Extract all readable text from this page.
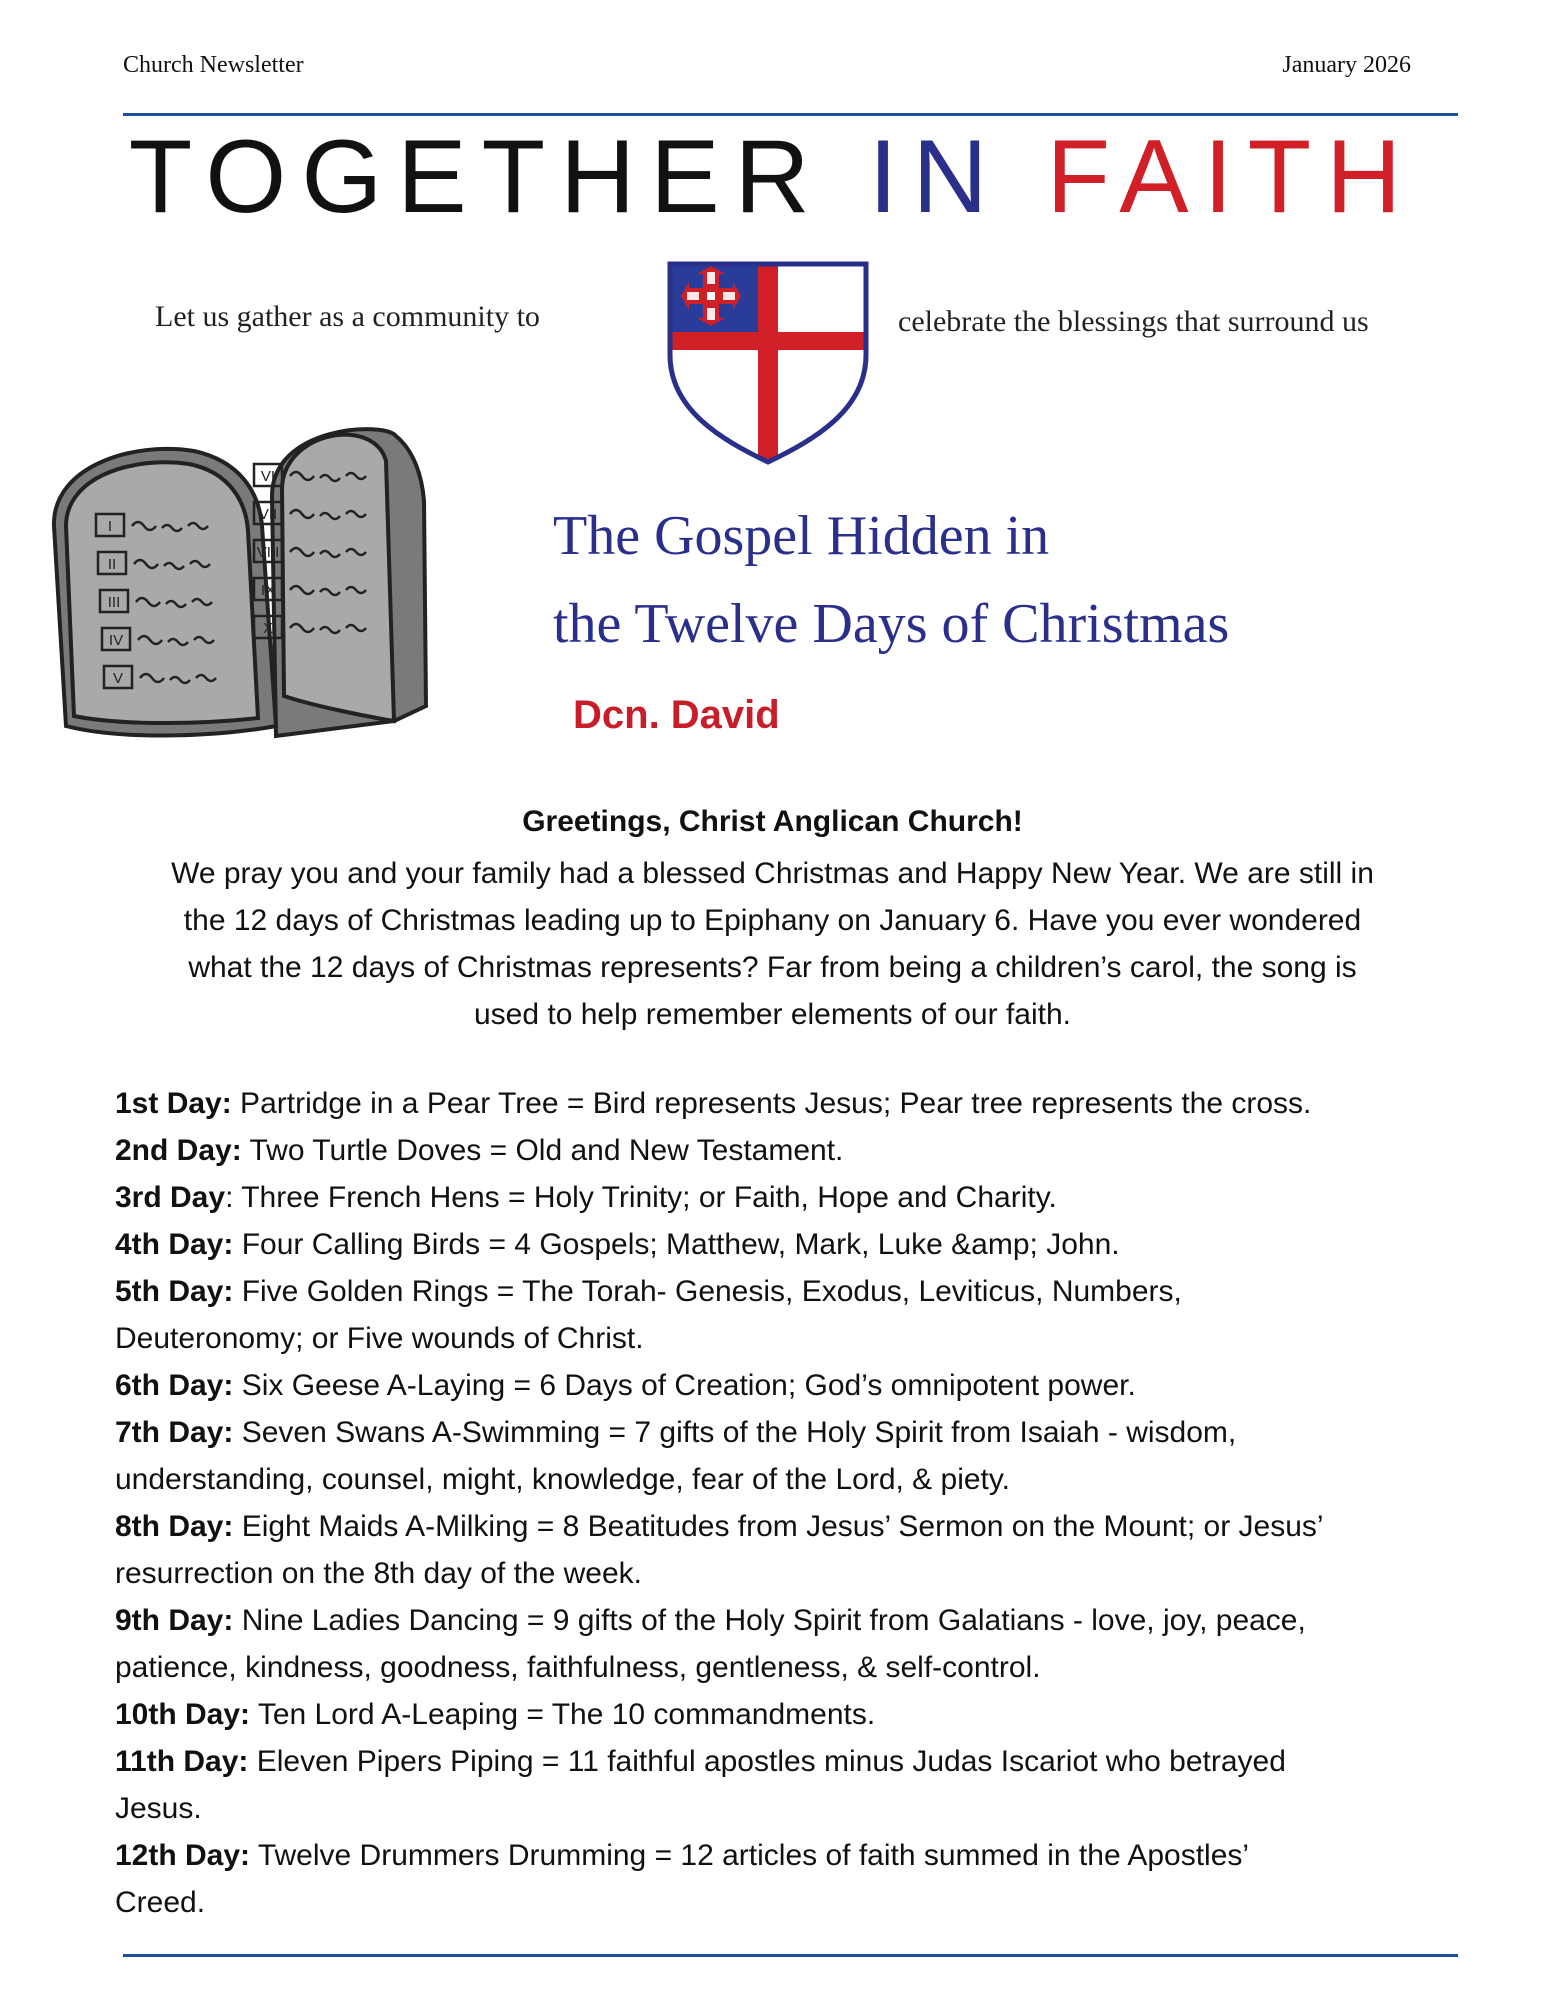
Church Newsletter	January 2026
TOGETHER IN FAITH
Let us gather as a community to	celebrate the blessings that surround us
I
II
III
IV
V
VI
VII
VIII
IX
X
The Gospel Hidden in
the Twelve Days of Christmas
Dcn. David
Greetings, Christ Anglican Church!
We pray you and your family had a blessed Christmas and Happy New Year. We are still in
the 12 days of Christmas leading up to Epiphany on January 6. Have you ever wondered
what the 12 days of Christmas represents? Far from being a children’s carol, the song is
used to help remember elements of our faith.
1st Day: Partridge in a Pear Tree = Bird represents Jesus; Pear tree represents the cross.
2nd Day: Two Turtle Doves = Old and New Testament.
3rd Day: Three French Hens = Holy Trinity; or Faith, Hope and Charity.
4th Day: Four Calling Birds = 4 Gospels; Matthew, Mark, Luke &amp; John.
5th Day: Five Golden Rings = The Torah- Genesis, Exodus, Leviticus, Numbers,
Deuteronomy; or Five wounds of Christ.
6th Day: Six Geese A-Laying = 6 Days of Creation; God’s omnipotent power.
7th Day: Seven Swans A-Swimming = 7 gifts of the Holy Spirit from Isaiah - wisdom,
understanding, counsel, might, knowledge, fear of the Lord, & piety.
8th Day: Eight Maids A-Milking = 8 Beatitudes from Jesus’ Sermon on the Mount; or Jesus’
resurrection on the 8th day of the week.
9th Day: Nine Ladies Dancing = 9 gifts of the Holy Spirit from Galatians - love, joy, peace,
patience, kindness, goodness, faithfulness, gentleness, & self-control.
10th Day: Ten Lord A-Leaping = The 10 commandments.
11th Day: Eleven Pipers Piping = 11 faithful apostles minus Judas Iscariot who betrayed
Jesus.
12th Day: Twelve Drummers Drumming = 12 articles of faith summed in the Apostles’
Creed.
